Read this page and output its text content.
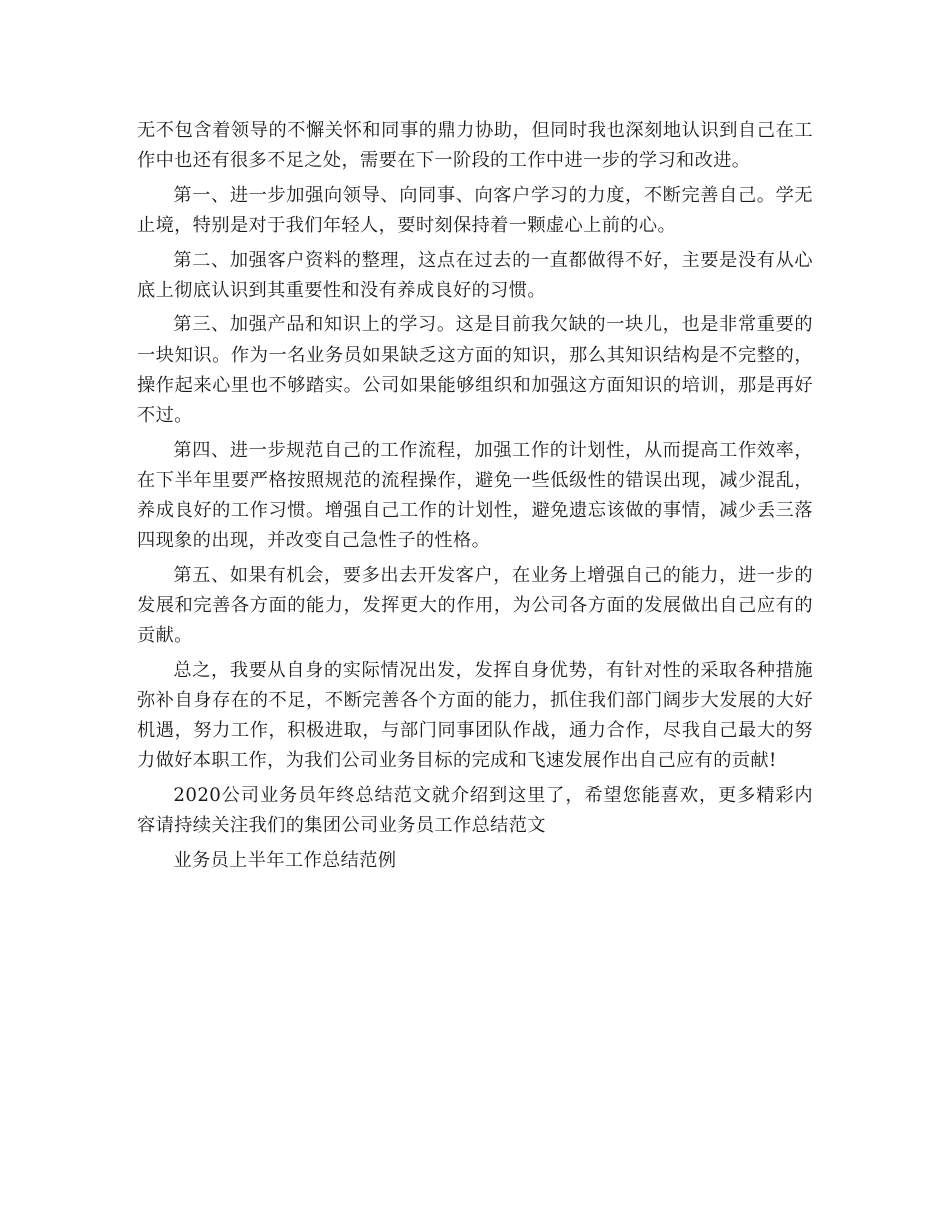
无不包含着领导的不懈关怀和同事的鼎力协助，但同时我也深刻地认识到自己在工作中也还有很多不足之处，需要在下一阶段的工作中进一步的学习和改进。

第一、进一步加强向领导、向同事、向客户学习的力度，不断完善自己。学无止境，特别是对于我们年轻人，要时刻保持着一颗虚心上前的心。

第二、加强客户资料的整理，这点在过去的一直都做得不好，主要是没有从心底上彻底认识到其重要性和没有养成良好的习惯。

第三、加强产品和知识上的学习。这是目前我欠缺的一块儿，也是非常重要的一块知识。作为一名业务员如果缺乏这方面的知识，那么其知识结构是不完整的，操作起来心里也不够踏实。公司如果能够组织和加强这方面知识的培训，那是再好不过。

第四、进一步规范自己的工作流程，加强工作的计划性，从而提高工作效率，在下半年里要严格按照规范的流程操作，避免一些低级性的错误出现，减少混乱，养成良好的工作习惯。增强自己工作的计划性，避免遗忘该做的事情，减少丢三落四现象的出现，并改变自己急性子的性格。

第五、如果有机会，要多出去开发客户，在业务上增强自己的能力，进一步的发展和完善各方面的能力，发挥更大的作用，为公司各方面的发展做出自己应有的贡献。

总之，我要从自身的实际情况出发，发挥自身优势，有针对性的采取各种措施弥补自身存在的不足，不断完善各个方面的能力，抓住我们部门阔步大发展的大好机遇，努力工作，积极进取，与部门同事团队作战，通力合作，尽我自己最大的努力做好本职工作，为我们公司业务目标的完成和飞速发展作出自己应有的贡献!

2020公司业务员年终总结范文就介绍到这里了，希望您能喜欢，更多精彩内容请持续关注我们的集团公司业务员工作总结范文

业务员上半年工作总结范例
